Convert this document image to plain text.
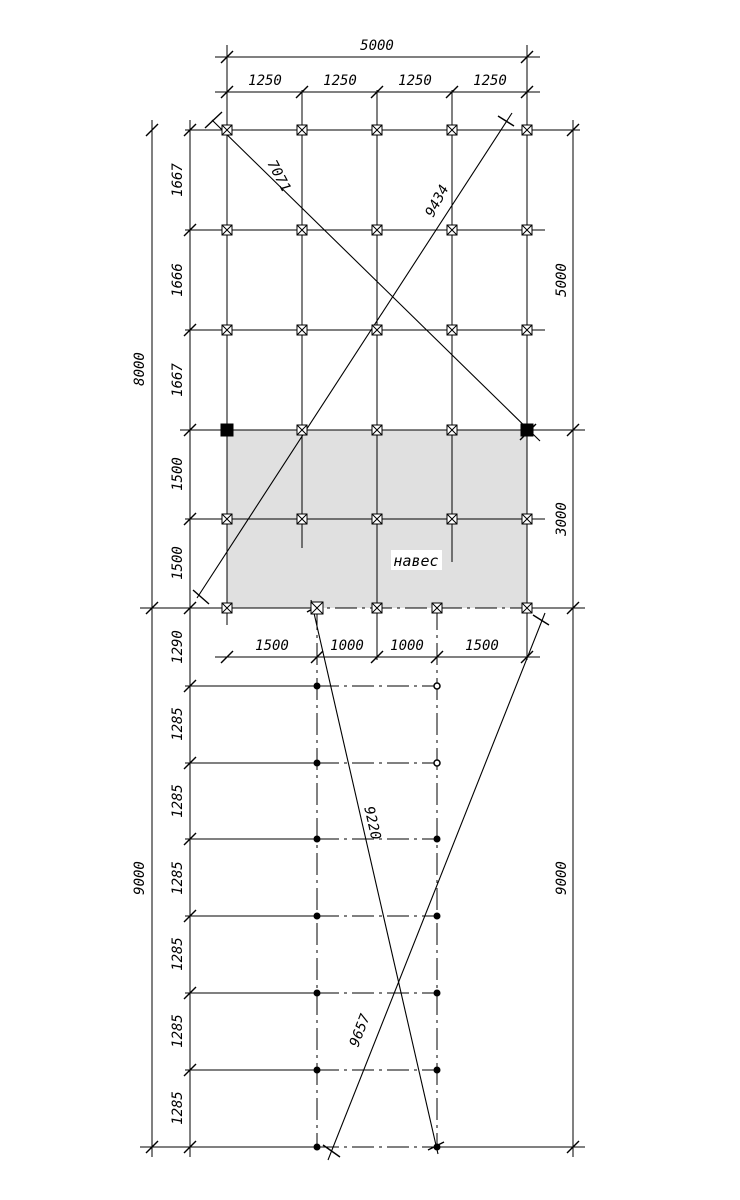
5000
1250	1250	1250	1250
8000
1667
1666
1667
1500
1500
5000
3000
9000
1500	1000 1000	1500
9000
1290
1285
1285
1285
1285
1285
1285
7071
9434
9220
9657
навес
